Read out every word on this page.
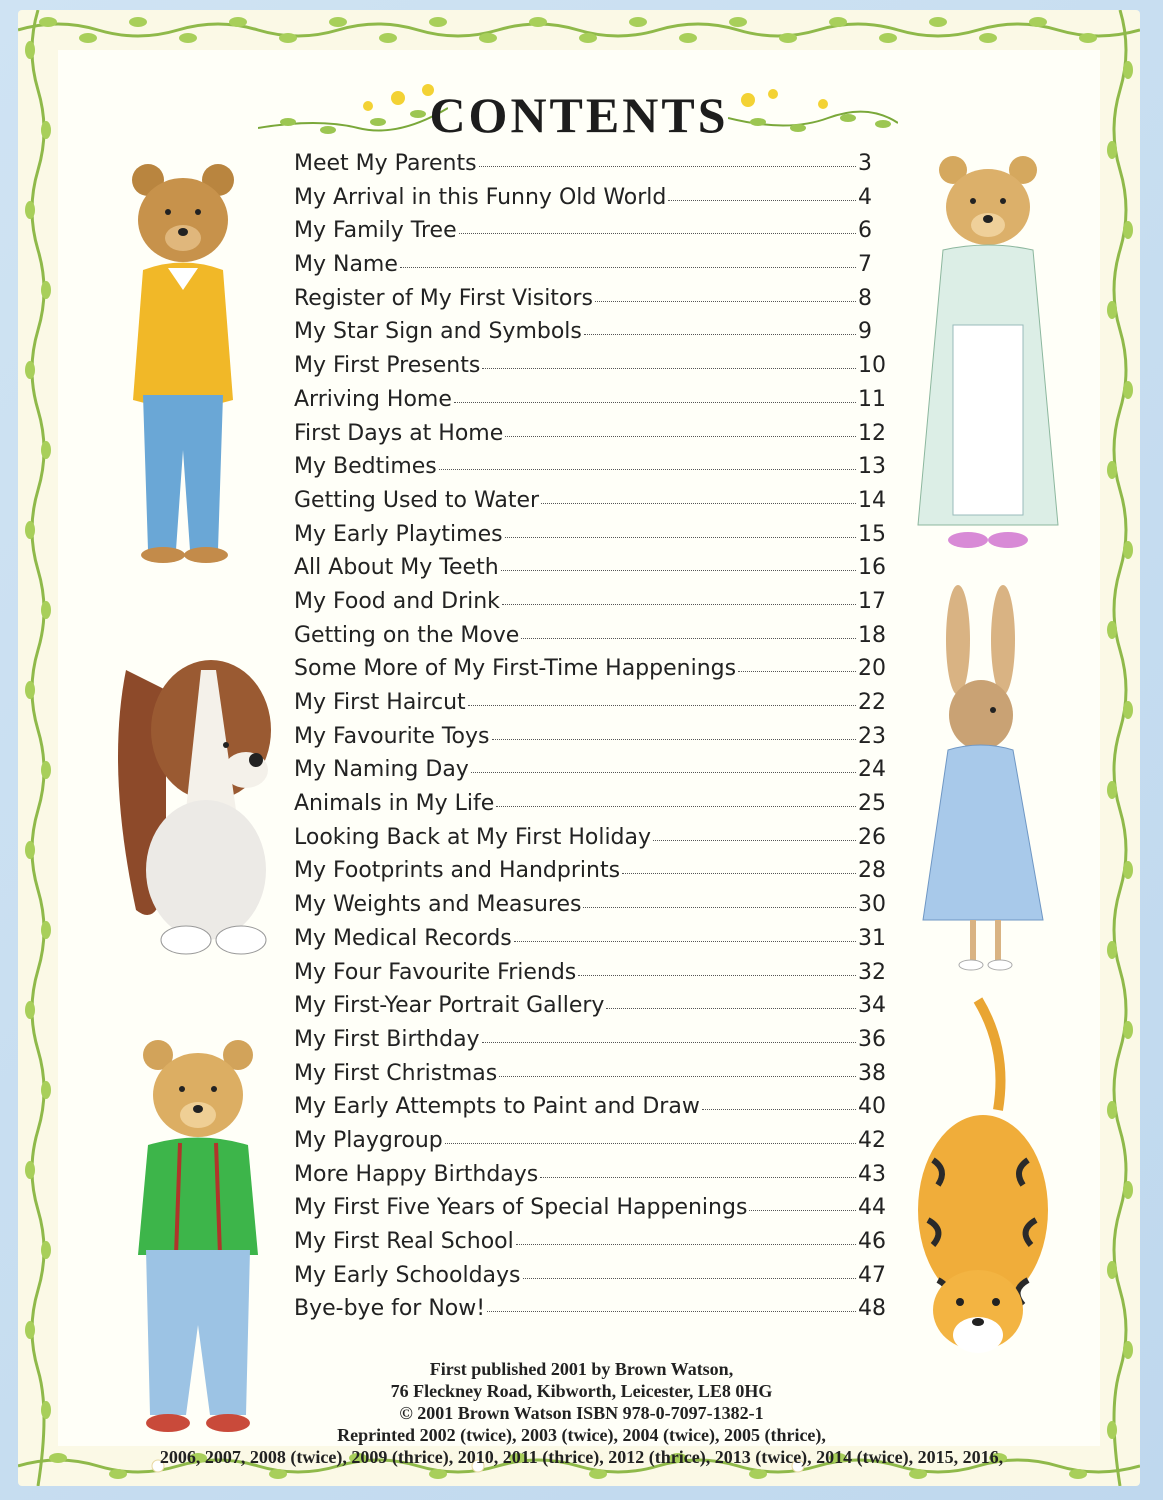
CONTENTS
Meet My Parents	3
My Arrival in this Funny Old World	4
My Family Tree	6
My Name	7
Register of My First Visitors	8
My Star Sign and Symbols	9
My First Presents	10
Arriving Home	11
First Days at Home	12
My Bedtimes	13
Getting Used to Water	14
My Early Playtimes	15
All About My Teeth	16
My Food and Drink	17
Getting on the Move	18
Some More of My First-Time Happenings	20
My First Haircut	22
My Favourite Toys	23
My Naming Day	24
Animals in My Life	25
Looking Back at My First Holiday	26
My Footprints and Handprints	28
My Weights and Measures	30
My Medical Records	31
My Four Favourite Friends	32
My First-Year Portrait Gallery	34
My First Birthday	36
My First Christmas	38
My Early Attempts to Paint and Draw	40
My Playgroup	42
More Happy Birthdays	43
My First Five Years of Special Happenings	44
My First Real School	46
My Early Schooldays	47
Bye-bye for Now!	48
First published 2001 by Brown Watson,
76 Fleckney Road, Kibworth, Leicester, LE8 0HG
© 2001 Brown Watson ISBN 978-0-7097-1382-1
Reprinted 2002 (twice), 2003 (twice), 2004 (twice), 2005 (thrice),
2006, 2007, 2008 (twice), 2009 (thrice), 2010, 2011 (thrice), 2012 (thrice), 2013 (twice), 2014 (twice), 2015, 2016,
